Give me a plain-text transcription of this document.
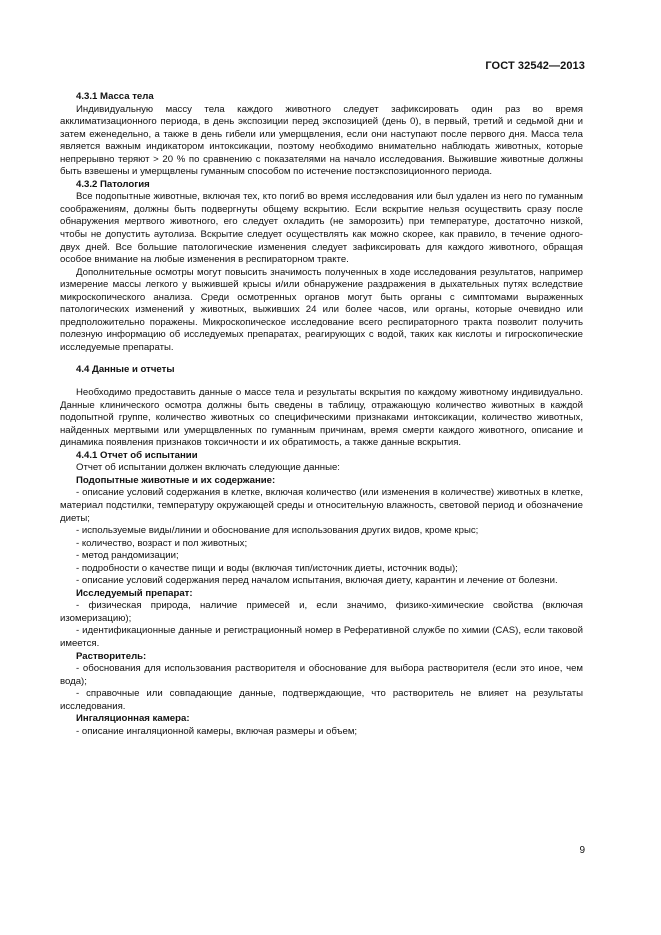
ГОСТ 32542—2013

4.3.1 Масса тела

Индивидуальную массу тела каждого животного следует зафиксировать один раз во время акклиматизационного периода, в день экспозиции перед экспозицией (день 0), в первый, третий и седьмой дни и затем еженедельно, а также в день гибели или умерщвления, если они наступают после первого дня. Масса тела является важным индикатором интоксикации, поэтому необходимо внимательно наблюдать животных, которые непрерывно теряют > 20 % по сравнению с показателями на начало исследования. Выжившие животные должны быть взвешены и умерщвлены гуманным способом по истечение постэкспозиционного периода.

4.3.2 Патология

Все подопытные животные, включая тех, кто погиб во время исследования или был удален из него по гуманным соображениям, должны быть подвергнуты общему вскрытию. Если вскрытие нельзя осуществить сразу после обнаружения мертвого животного, его следует охладить (не заморозить) при температуре, достаточно низкой, чтобы не допустить аутолиза. Вскрытие следует осуществлять как можно скорее, как правило, в течение одного-двух дней. Все большие патологические изменения следует зафиксировать для каждого животного, обращая особое внимание на любые изменения в респираторном тракте.

Дополнительные осмотры могут повысить значимость полученных в ходе исследования результатов, например измерение массы легкого у выжившей крысы и/или обнаружение раздражения в дыхательных путях вследствие микроскопического анализа. Среди осмотренных органов могут быть органы с симптомами выраженных патологических изменений у животных, выживших 24 или более часов, или органы, которые очевидно или предположительно поражены. Микроскопическое исследование всего респираторного тракта позволит получить полезную информацию об исследуемых препаратах, реагирующих с водой, таких как кислоты и гигроскопические исследуемые препараты.

4.4 Данные и отчеты

Необходимо предоставить данные о массе тела и результаты вскрытия по каждому животному индивидуально. Данные клинического осмотра должны быть сведены в таблицу, отражающую количество животных в каждой подопытной группе, количество животных со специфическими признаками интоксикации, количество животных, найденных мертвыми или умерщвленных по гуманным причинам, время смерти каждого животного, описание и динамика появления признаков токсичности и их обратимость, а также данные вскрытия.

4.4.1 Отчет об испытании

Отчет об испытании должен включать следующие данные:

Подопытные животные и их содержание:

- описание условий содержания в клетке, включая количество (или изменения в количестве) животных в клетке, материал подстилки, температуру окружающей среды и относительную влажность, световой период и обозначение диеты;

- используемые виды/линии и обоснование для использования других видов, кроме крыс;

- количество, возраст и пол животных;

- метод рандомизации;

- подробности о качестве пищи и воды (включая тип/источник диеты, источник воды);

- описание условий содержания перед началом испытания, включая диету, карантин и лечение от болезни.

Исследуемый препарат:

- физическая природа, наличие примесей и, если значимо, физико-химические свойства (включая изомеризацию);

- идентификационные данные и регистрационный номер в Реферативной службе по химии (CAS), если таковой имеется.

Растворитель:

- обоснования для использования растворителя и обоснование для выбора растворителя (если это иное, чем вода);

- справочные или совпадающие данные, подтверждающие, что растворитель не влияет на результаты исследования.

Ингаляционная камера:

- описание ингаляционной камеры, включая размеры и объем;

9
